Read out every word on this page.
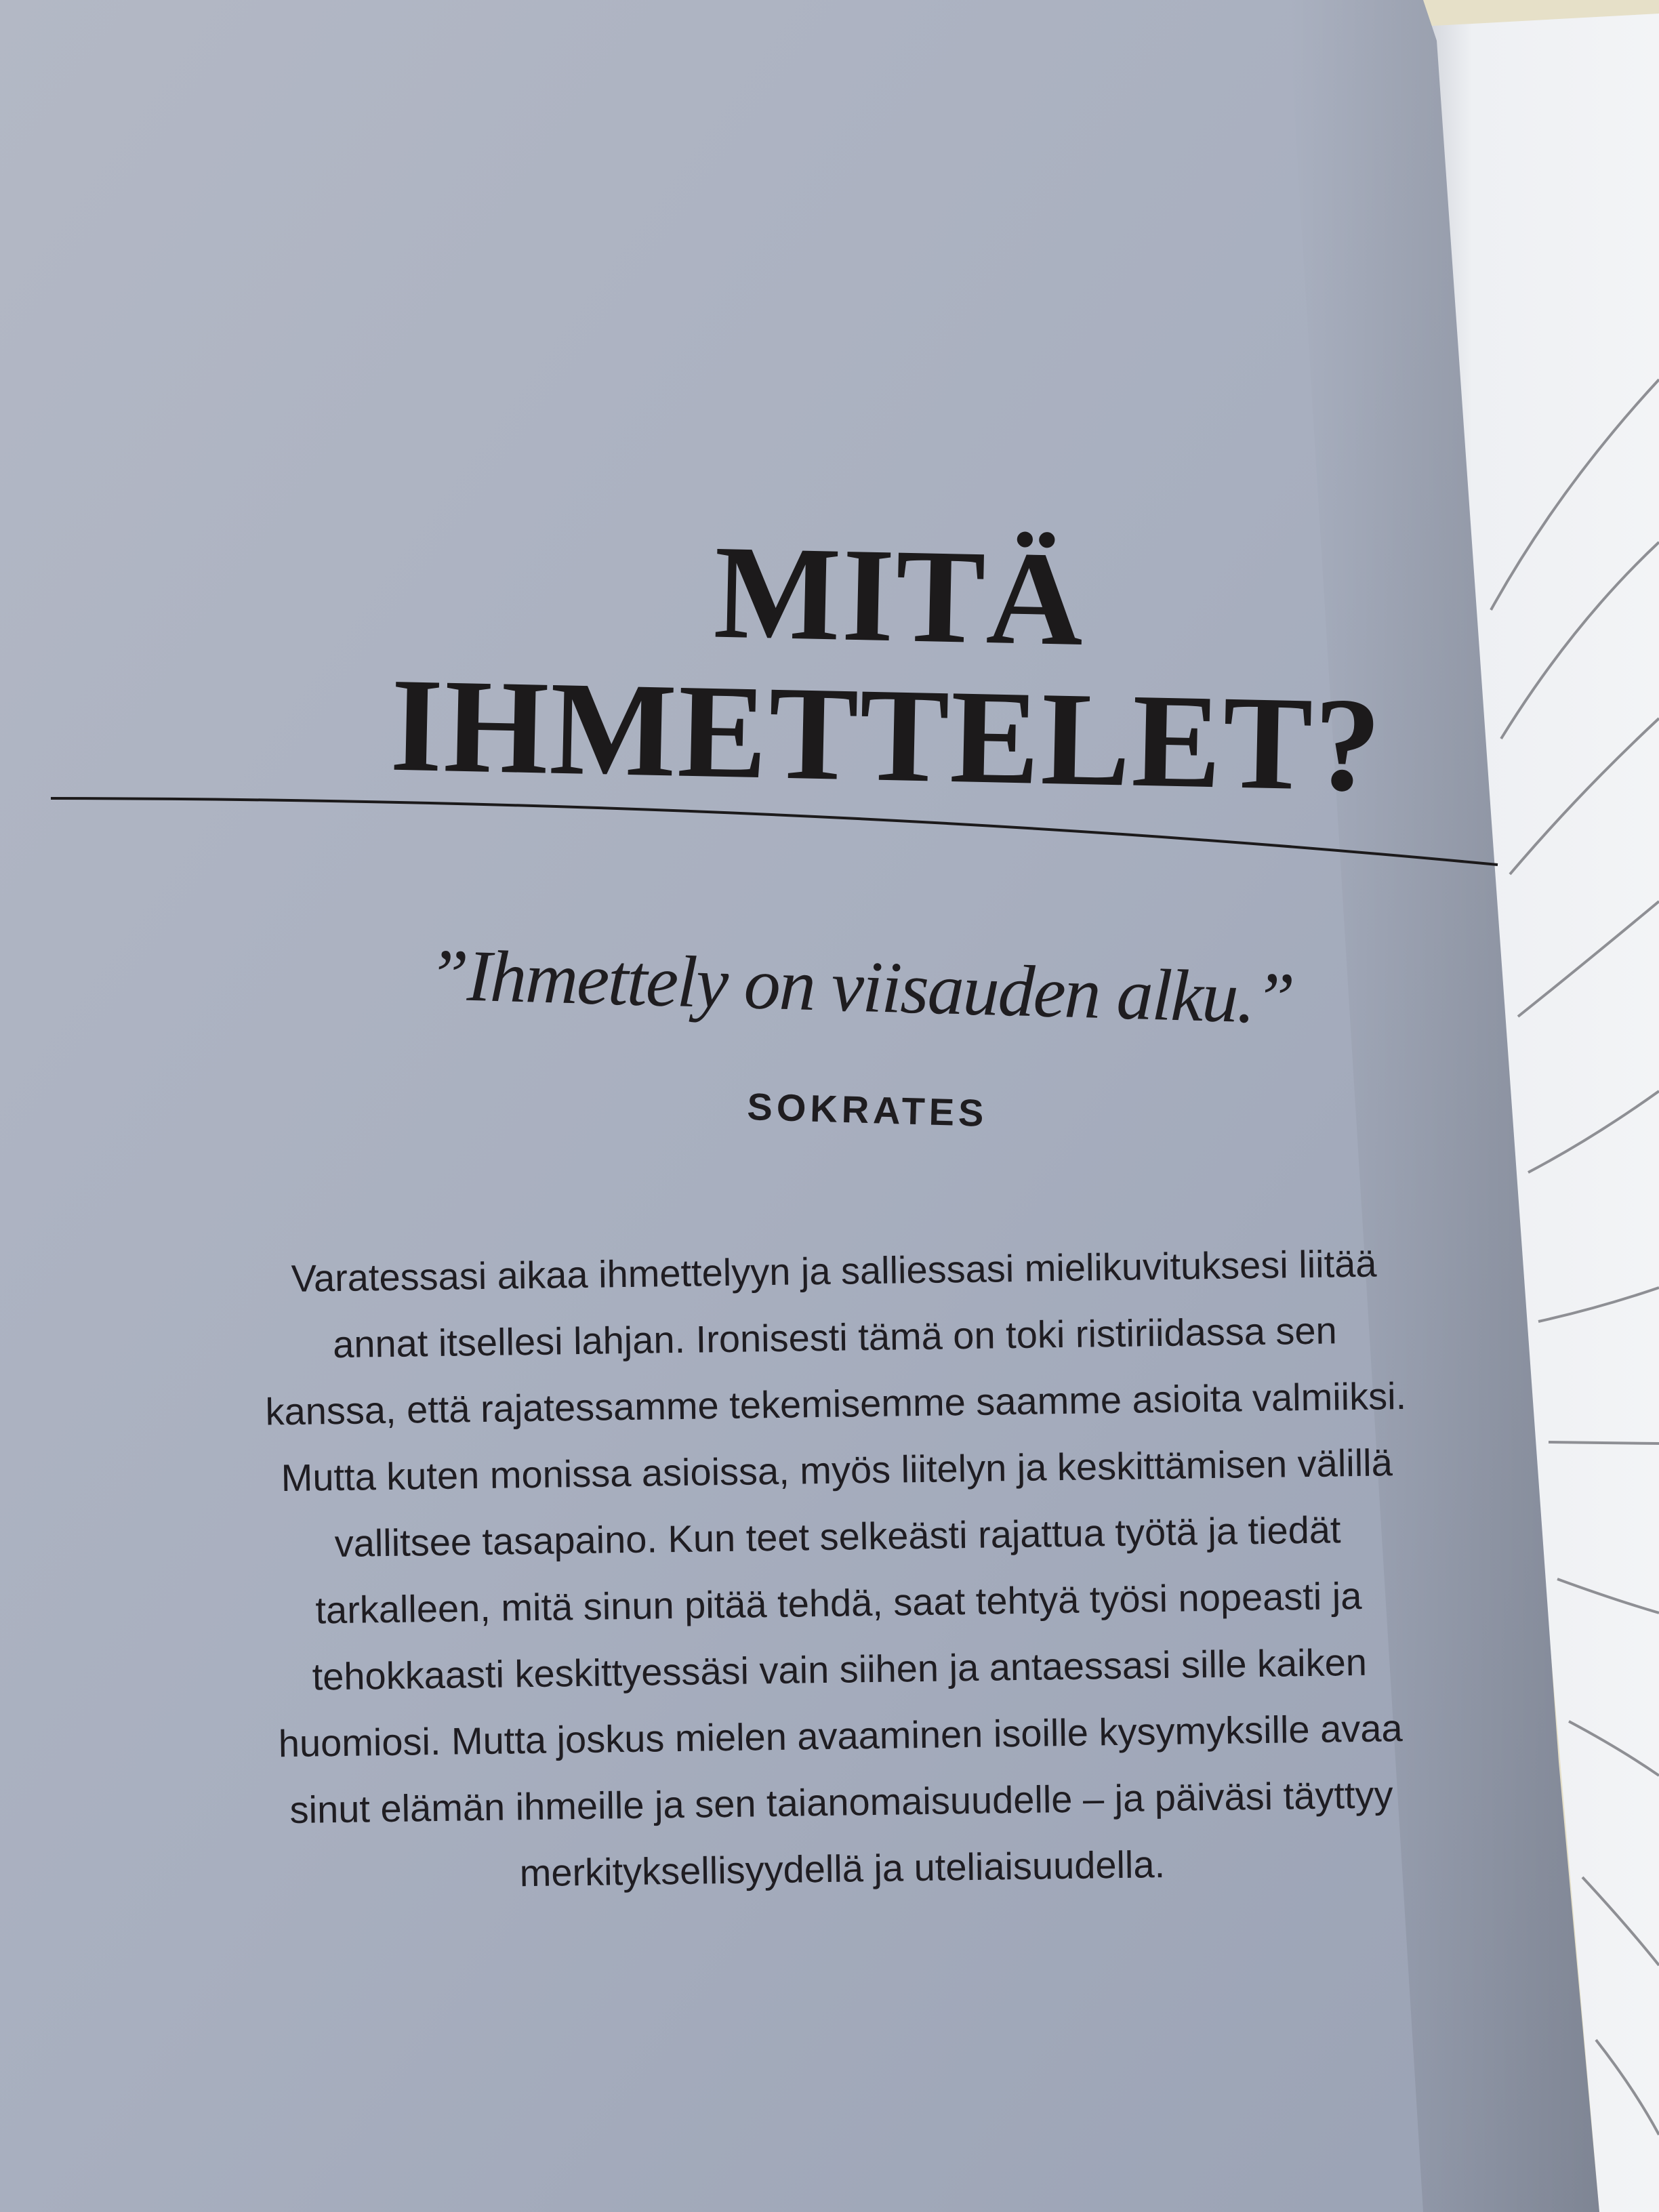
MITÄ
IHMETTELET?
”Ihmettely on viisauden alku.”
SOKRATES
Varatessasi aikaa ihmettelyyn ja salliessasi mielikuvituksesi liitää
annat itsellesi lahjan. Ironisesti tämä on toki ristiriidassa sen
kanssa, että rajatessamme tekemisemme saamme asioita valmiiksi.
Mutta kuten monissa asioissa, myös liitelyn ja keskittämisen välillä
vallitsee tasapaino. Kun teet selkeästi rajattua työtä ja tiedät
tarkalleen, mitä sinun pitää tehdä, saat tehtyä työsi nopeasti ja
tehokkaasti keskittyessäsi vain siihen ja antaessasi sille kaiken
huomiosi. Mutta joskus mielen avaaminen isoille kysymyksille avaa
sinut elämän ihmeille ja sen taianomaisuudelle – ja päiväsi täyttyy
merkityksellisyydellä ja uteliaisuudella.
